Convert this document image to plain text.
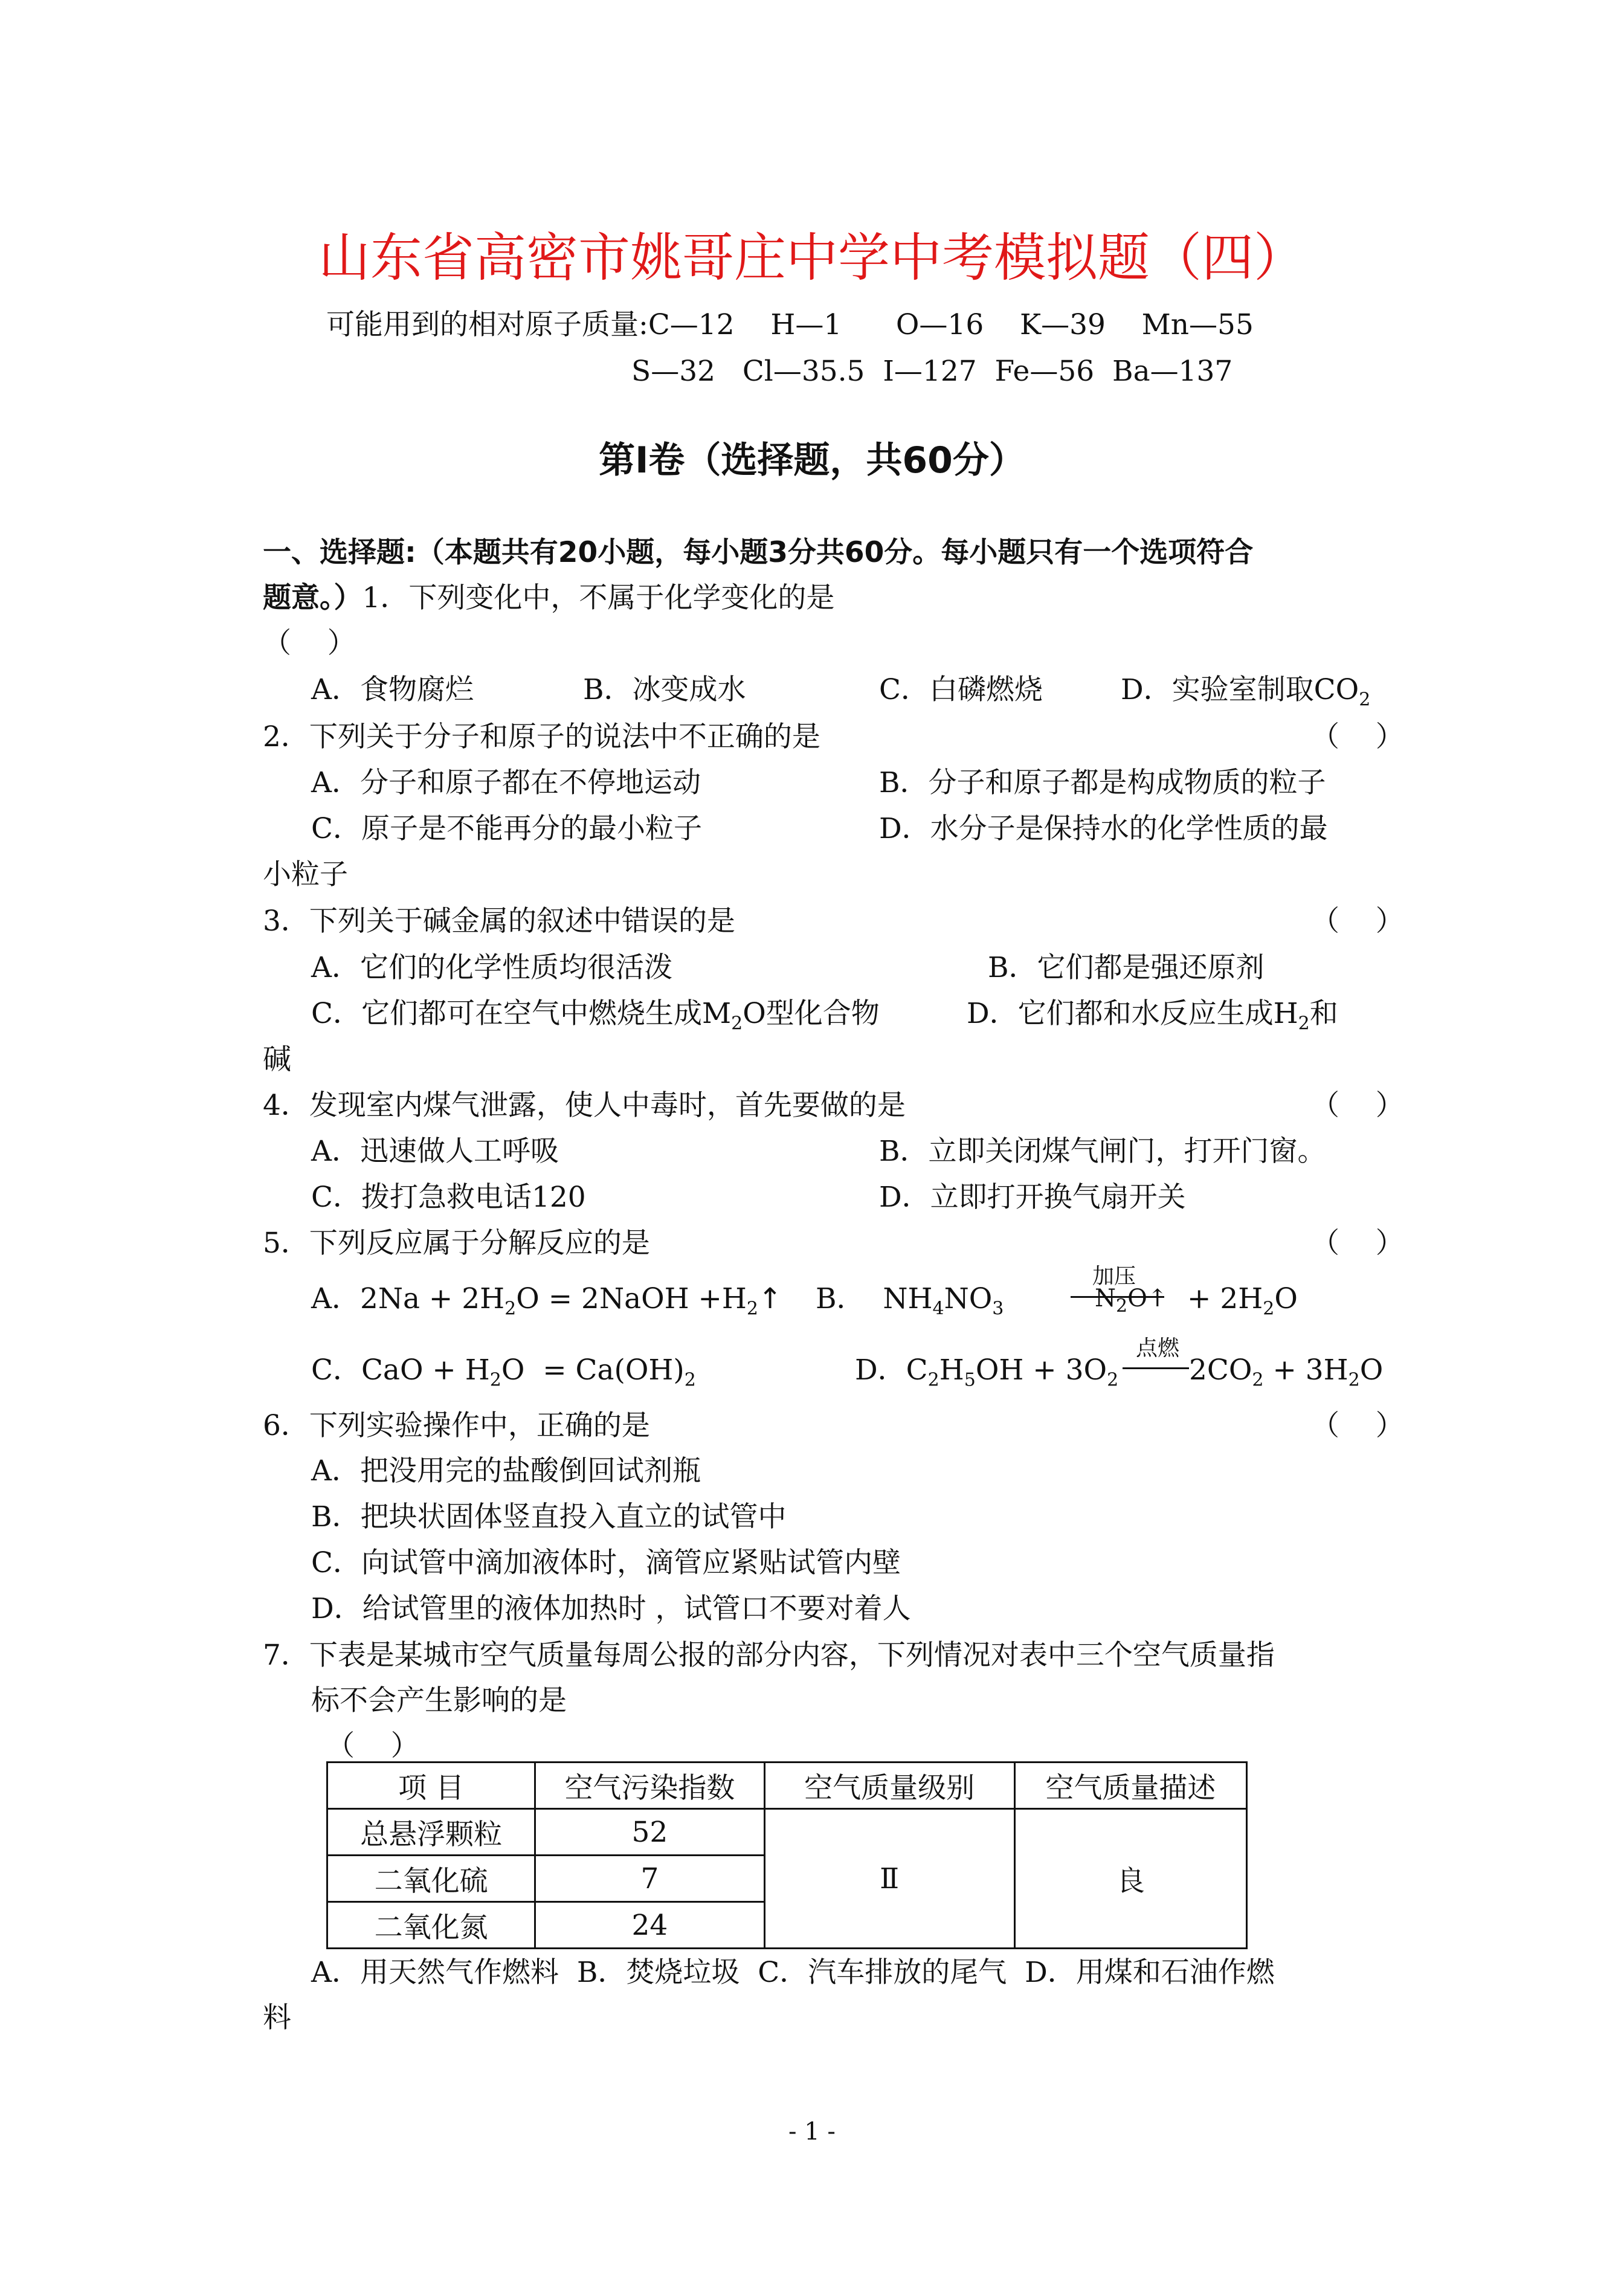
山东省高密市姚哥庄中学中考模拟题（四）
可能用到的相对原子质量:C—12    H—1      O—16    K—39    Mn—55
S—32   Cl—35.5  I—127  Fe—56  Ba—137
第Ⅰ卷（选择题，共60分）
一、选择题:（本题共有20小题，每小题3分共60分。每小题只有一个选项符合
题意。）1．下列变化中，不属于化学变化的是
（    ）
A．食物腐烂	B．冰变成水	C．白磷燃烧	D．实验室制取$CO_2$
2．下列关于分子和原子的说法中不正确的是	（    ）
A．分子和原子都在不停地运动	B．分子和原子都是构成物质的粒子
C．原子是不能再分的最小粒子	D．水分子是保持水的化学性质的最
小粒子
3．下列关于碱金属的叙述中错误的是	（    ）
A．它们的化学性质均很活泼	B．它们都是强还原剂
C．它们都可在空气中燃烧生成$M_2O$型化合物	D．它们都和水反应生成$H_2$和
碱
4．发现室内煤气泄露，使人中毒时，首先要做的是	（    ）
A．迅速做人工呼吸	B．立即关闭煤气闸门，打开门窗。
C．拨打急救电话120	D．立即打开换气扇开关
5．下列反应属于分解反应的是	（    ）
A．$2Na + 2H_2O$ = 2NaOH $+H_2↑$ B．  $NH_4NO_3$
加压
$N_2O↑ + 2H_2O$
C．CaO + $H_2O = Ca(OH)_2$	D．$C_2H_5OH + 3O_2$
点燃
$2CO_2 + 3H_2O$
6．下列实验操作中，正确的是	（    ）
A．把没用完的盐酸倒回试剂瓶
B．把块状固体竖直投入直立的试管中
C．向试管中滴加液体时，滴管应紧贴试管内壁
D．给试管里的液体加热时 ，试管口不要对着人
7．下表是某城市空气质量每周公报的部分内容，下列情况对表中三个空气质量指
标不会产生影响的是
（    ）
项 目	空气污染指数	空气质量级别	空气质量描述
总悬浮颗粒	52	Ⅱ	良
二氧化硫	7		
二氧化氮	24		
A．用天然气作燃料  B．焚烧垃圾  C．汽车排放的尾气  D．用煤和石油作燃
料
- 1 -
